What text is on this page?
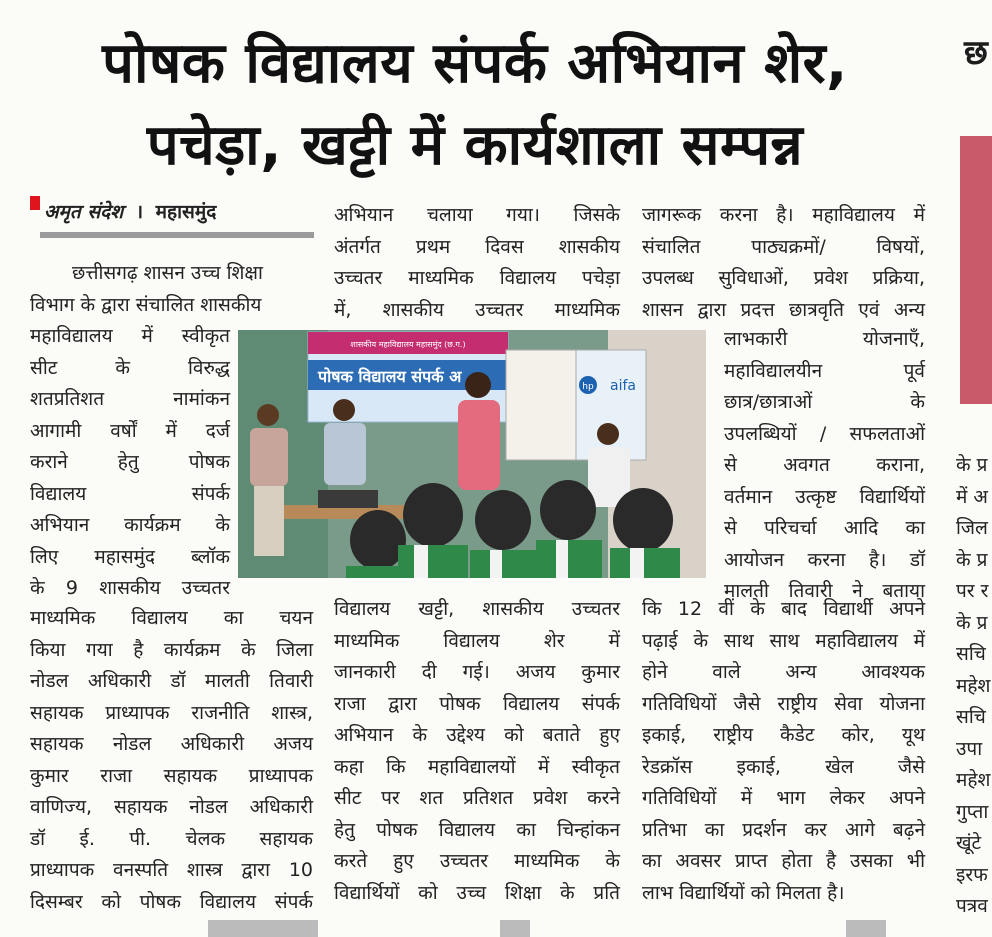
पोषक विद्यालय संपर्क अभियान शेर,
पचेड़ा, खट्टी में कार्यशाला सम्पन्न
अमृत संदेश । महासमुंद

छत्तीसगढ़ शासन उच्च शिक्षा

विभाग के द्वारा संचालित शासकीय

महाविद्यालय में स्वीकृत

सीट के विरुद्ध

शतप्रतिशत नामांकन

आगामी वर्षों में दर्ज

कराने हेतु पोषक

विद्यालय संपर्क

अभियान कार्यक्रम के

लिए महासमुंद ब्लॉक

के 9 शासकीय उच्चतर

माध्यमिक विद्यालय का चयन

किया गया है कार्यक्रम के जिला

नोडल अधिकारी डॉ मालती तिवारी

सहायक प्राध्यापक राजनीति शास्त्र,

सहायक नोडल अधिकारी अजय

कुमार राजा सहायक प्राध्यापक

वाणिज्य, सहायक नोडल अधिकारी

डॉ ई. पी. चेलक सहायक

प्राध्यापक वनस्पति शास्त्र द्वारा 10

दिसम्बर को पोषक विद्यालय संपर्क

अभियान चलाया गया। जिसके

अंतर्गत प्रथम दिवस शासकीय

उच्चतर माध्यमिक विद्यालय पचेड़ा

में, शासकीय उच्चतर माध्यमिक

विद्यालय खट्टी, शासकीय उच्चतर

माध्यमिक विद्यालय शेर में

जानकारी दी गई। अजय कुमार

राजा द्वारा पोषक विद्यालय संपर्क

अभियान के उद्देश्य को बताते हुए

कहा कि महाविद्यालयों में स्वीकृत

सीट पर शत प्रतिशत प्रवेश करने

हेतु पोषक विद्यालय का चिन्हांकन

करते हुए उच्चतर माध्यमिक के

विद्यार्थियों को उच्च शिक्षा के प्रति

जागरूक करना है। महाविद्यालय में

संचालित पाठ्यक्रमों/ विषयों,

उपलब्ध सुविधाओं, प्रवेश प्रक्रिया,

शासन द्वारा प्रदत्त छात्रवृति एवं अन्य

लाभकारी योजनाएँ,

महाविद्यालयीन पूर्व

छात्र/छात्राओं के

उपलब्धियों / सफलताओं

से अवगत कराना,

वर्तमान उत्कृष्ट विद्यार्थियों

से परिचर्चा आदि का

आयोजन करना है। डॉ

मालती तिवारी ने बताया

कि 12 वीं के बाद विद्यार्थी अपने

पढ़ाई के साथ साथ महाविद्यालय में

होने वाले अन्य आवश्यक

गतिविधियों जैसे राष्ट्रीय सेवा योजना

इकाई, राष्ट्रीय कैडेट कोर, यूथ

रेडक्रॉस इकाई, खेल जैसे

गतिविधियों में भाग लेकर अपने

प्रतिभा का प्रदर्शन कर आगे बढ़ने

का अवसर प्राप्त होता है उसका भी

लाभ विद्यार्थियों को मिलता है।

शासकीय महाविद्यालय महासमुंद (छ.ग.)
पोषक विद्यालय संपर्क अ
hp aifa
छ
के प्र
में अ
जिल
के प्र
पर र
के प्र
सचि
महेश
सचि
उपा
महेश
गुप्ता
खूंटे
इरफ
पत्रव
